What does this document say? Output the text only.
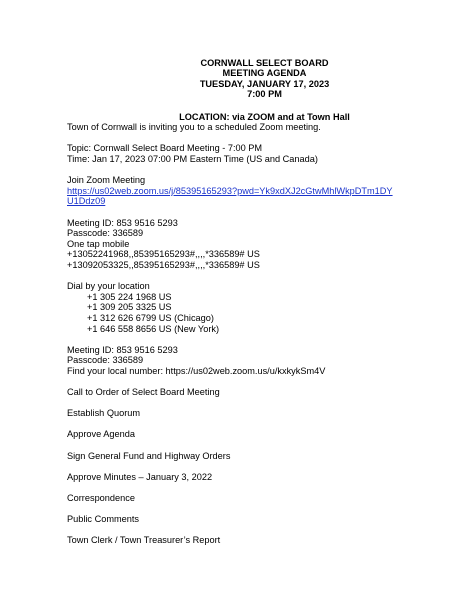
CORNWALL SELECT BOARD
MEETING AGENDA
TUESDAY, JANUARY 17, 2023
7:00 PM
LOCATION: via ZOOM and at Town Hall

Town of Cornwall is inviting you to a scheduled Zoom meeting.

Topic: Cornwall Select Board Meeting - 7:00 PM

Time: Jan 17, 2023 07:00 PM Eastern Time (US and Canada)

Join Zoom Meeting

https://us02web.zoom.us/j/85395165293?pwd=Yk9xdXJ2cGtwMhlWkpDTm1DY
U1Ddz09

Meeting ID: 853 9516 5293

Passcode: 336589

One tap mobile

+13052241968,,85395165293#,,,,*336589# US

+13092053325,,85395165293#,,,,*336589# US

Dial by your location

+1 305 224 1968 US

+1 309 205 3325 US

+1 312 626 6799 US (Chicago)

+1 646 558 8656 US (New York)

Meeting ID: 853 9516 5293

Passcode: 336589

Find your local number: https://us02web.zoom.us/u/kxkykSm4V

Call to Order of Select Board Meeting

Establish Quorum

Approve Agenda

Sign General Fund and Highway Orders

Approve Minutes – January 3, 2022

Correspondence

Public Comments

Town Clerk / Town Treasurer’s Report
